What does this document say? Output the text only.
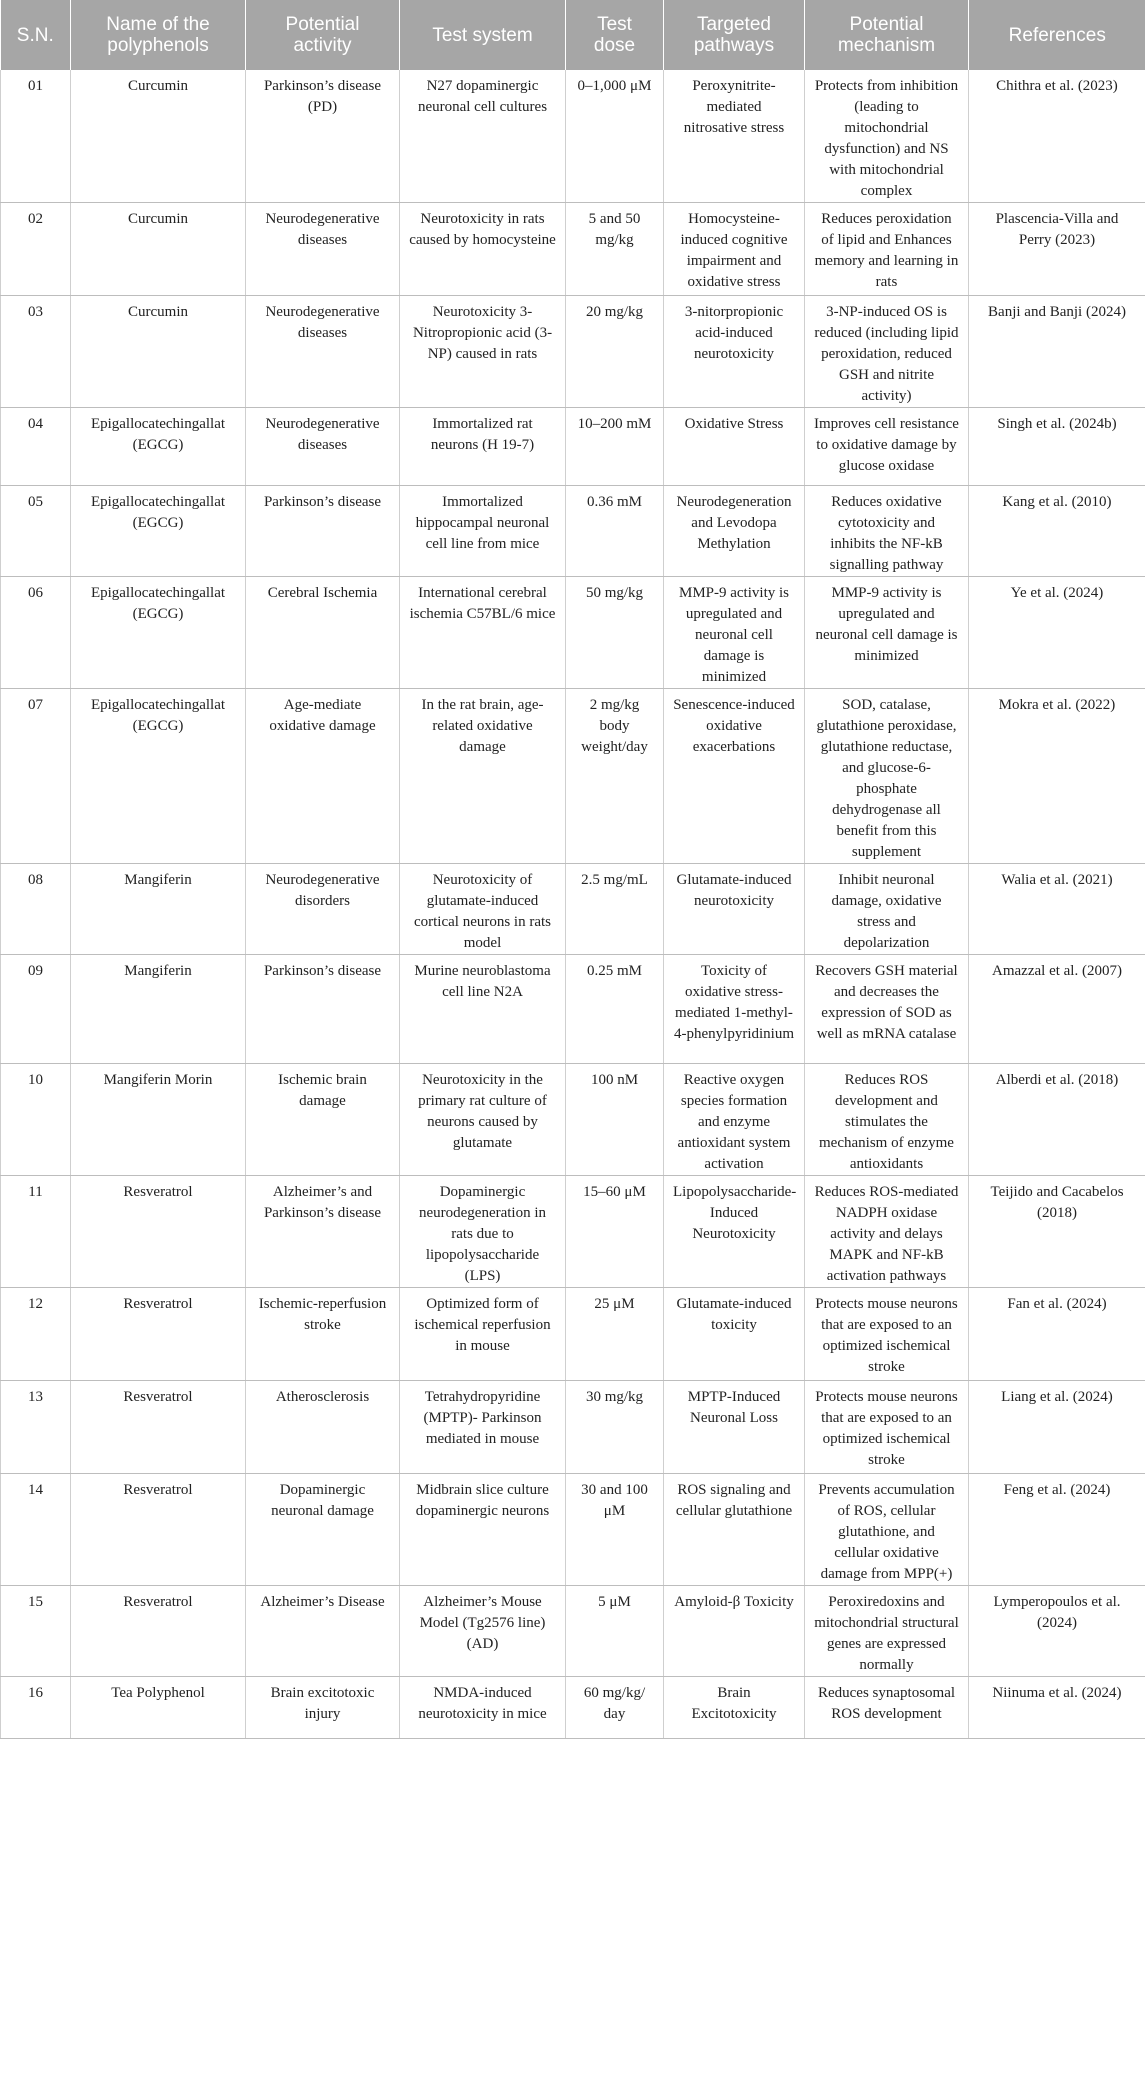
S.N.	Name of the polyphenols	Potential activity	Test system	Test dose	Targeted pathways	Potential mechanism	References
01	Curcumin	Parkinson’s disease (PD)	N27 dopaminergic neuronal cell cultures	0–1,000 μM	Peroxynitrite-mediated nitrosative stress	Protects from inhibition (leading to mitochondrial dysfunction) and NS with mitochondrial complex	Chithra et al. (2023)
02	Curcumin	Neurodegenerative diseases	Neurotoxicity in rats caused by homocysteine	5 and 50 mg/kg	Homocysteine-induced cognitive impairment and oxidative stress	Reduces peroxidation of lipid and Enhances memory and learning in rats	Plascencia-Villa and Perry (2023)
03	Curcumin	Neurodegenerative diseases	Neurotoxicity 3-Nitropropionic acid (3-NP) caused in rats	20 mg/kg	3-nitorpropionic acid-induced neurotoxicity	3-NP-induced OS is reduced (including lipid peroxidation, reduced GSH and nitrite activity)	Banji and Banji (2024)
04	Epigallocatechingallat (EGCG)	Neurodegenerative diseases	Immortalized rat neurons (H 19-7)	10–200 mM	Oxidative Stress	Improves cell resistance to oxidative damage by glucose oxidase	Singh et al. (2024b)
05	Epigallocatechingallat (EGCG)	Parkinson’s disease	Immortalized hippocampal neuronal cell line from mice	0.36 mM	Neurodegeneration and Levodopa Methylation	Reduces oxidative cytotoxicity and inhibits the NF-kB signalling pathway	Kang et al. (2010)
06	Epigallocatechingallat (EGCG)	Cerebral Ischemia	International cerebral ischemia C57BL/6 mice	50 mg/kg	MMP-9 activity is upregulated and neuronal cell damage is minimized	MMP-9 activity is upregulated and neuronal cell damage is minimized	Ye et al. (2024)
07	Epigallocatechingallat (EGCG)	Age-mediate oxidative damage	In the rat brain, age-related oxidative damage	2 mg/kg body weight/day	Senescence-induced oxidative exacerbations	SOD, catalase, glutathione peroxidase, glutathione reductase, and glucose-6-phosphate dehydrogenase all benefit from this supplement	Mokra et al. (2022)
08	Mangiferin	Neurodegenerative disorders	Neurotoxicity of glutamate-induced cortical neurons in rats model	2.5 mg/mL	Glutamate-induced neurotoxicity	Inhibit neuronal damage, oxidative stress and depolarization	Walia et al. (2021)
09	Mangiferin	Parkinson’s disease	Murine neuroblastoma cell line N2A	0.25 mM	Toxicity of oxidative stress-mediated 1-methyl-4-phenylpyridinium	Recovers GSH material and decreases the expression of SOD as well as mRNA catalase	Amazzal et al. (2007)
10	Mangiferin Morin	Ischemic brain damage	Neurotoxicity in the primary rat culture of neurons caused by glutamate	100 nM	Reactive oxygen species formation and enzyme antioxidant system activation	Reduces ROS development and stimulates the mechanism of enzyme antioxidants	Alberdi et al. (2018)
11	Resveratrol	Alzheimer’s and Parkinson’s disease	Dopaminergic neurodegeneration in rats due to lipopolysaccharide (LPS)	15–60 μM	Lipopolysaccharide-Induced Neurotoxicity	Reduces ROS-mediated NADPH oxidase activity and delays MAPK and NF-kB activation pathways	Teijido and Cacabelos (2018)
12	Resveratrol	Ischemic-reperfusion stroke	Optimized form of ischemical reperfusion in mouse	25 μM	Glutamate-induced toxicity	Protects mouse neurons that are exposed to an optimized ischemical stroke	Fan et al. (2024)
13	Resveratrol	Atherosclerosis	Tetrahydropyridine (MPTP)- Parkinson mediated in mouse	30 mg/kg	MPTP-Induced Neuronal Loss	Protects mouse neurons that are exposed to an optimized ischemical stroke	Liang et al. (2024)
14	Resveratrol	Dopaminergic neuronal damage	Midbrain slice culture dopaminergic neurons	30 and 100 μM	ROS signaling and cellular glutathione	Prevents accumulation of ROS, cellular glutathione, and cellular oxidative damage from MPP(+)	Feng et al. (2024)
15	Resveratrol	Alzheimer’s Disease	Alzheimer’s Mouse Model (Tg2576 line) (AD)	5 μM	Amyloid-β Toxicity	Peroxiredoxins and mitochondrial structural genes are expressed normally	Lymperopoulos et al. (2024)
16	Tea Polyphenol	Brain excitotoxic injury	NMDA-induced neurotoxicity in mice	60 mg/kg/ day	Brain Excitotoxicity	Reduces synaptosomal ROS development	Niinuma et al. (2024)
